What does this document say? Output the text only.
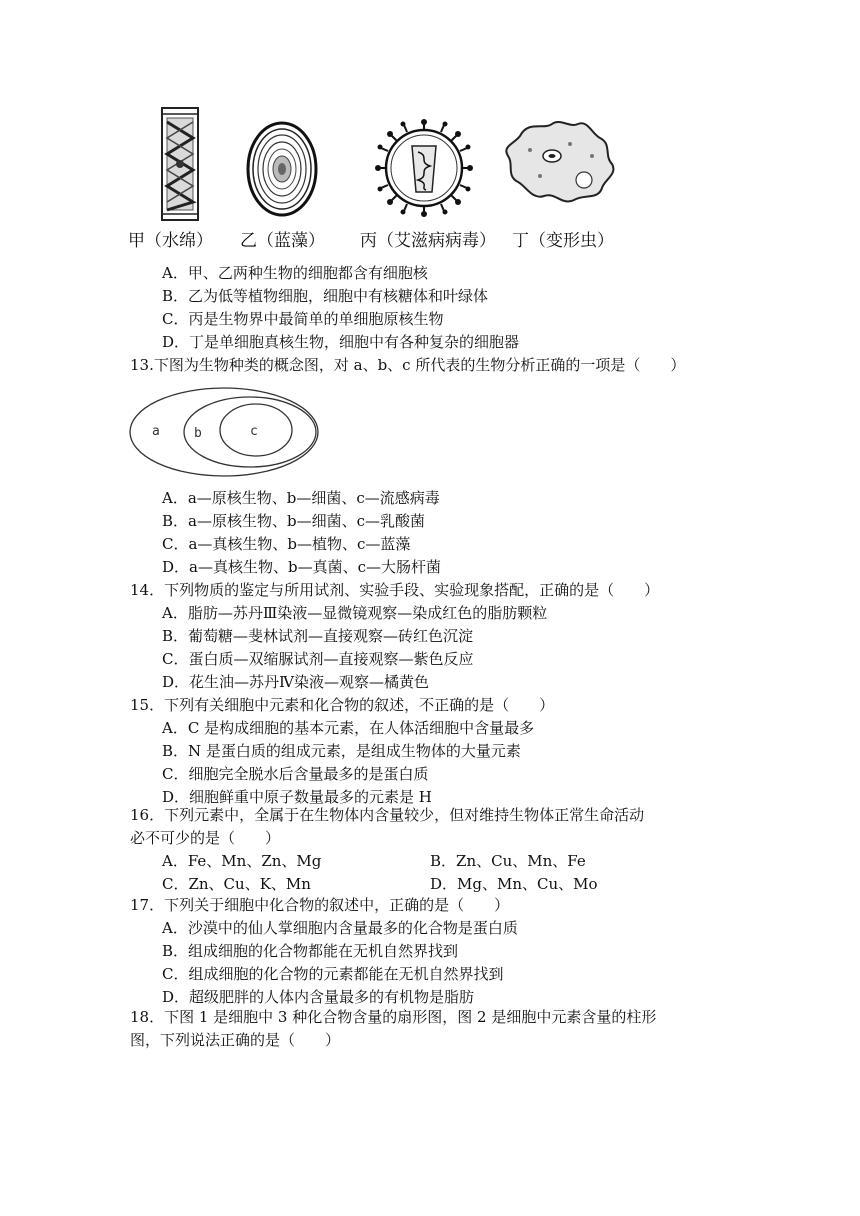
甲（水绵） 乙（蓝藻） 丙（艾滋病病毒） 丁（变形虫）
A．甲、乙两种生物的细胞都含有细胞核
B．乙为低等植物细胞，细胞中有核糖体和叶绿体
C．丙是生物界中最简单的单细胞原核生物
D．丁是单细胞真核生物，细胞中有各种复杂的细胞器
13.下图为生物种类的概念图，对 a、b、c 所代表的生物分析正确的一项是（　　）
a	b	c
A．a—原核生物、b—细菌、c—流感病毒
B．a—原核生物、b—细菌、c—乳酸菌
C．a—真核生物、b—植物、c—蓝藻
D．a—真核生物、b—真菌、c—大肠杆菌
14．下列物质的鉴定与所用试剂、实验手段、实验现象搭配，正确的是（　　）
A．脂肪—苏丹Ⅲ染液—显微镜观察—染成红色的脂肪颗粒
B．葡萄糖—斐林试剂—直接观察—砖红色沉淀
C．蛋白质—双缩脲试剂—直接观察—紫色反应
D．花生油—苏丹Ⅳ染液—观察—橘黄色
15．下列有关细胞中元素和化合物的叙述，不正确的是（　　）
A．C 是构成细胞的基本元素，在人体活细胞中含量最多
B．N 是蛋白质的组成元素，是组成生物体的大量元素
C．细胞完全脱水后含量最多的是蛋白质
D．细胞鲜重中原子数量最多的元素是 H
16．下列元素中，全属于在生物体内含量较少，但对维持生物体正常生命活动
必不可少的是（　　）
A．Fe、Mn、Zn、Mg	B．Zn、Cu、Mn、Fe
C．Zn、Cu、K、Mn	D．Mg、Mn、Cu、Mo
17．下列关于细胞中化合物的叙述中，正确的是（　　）
A．沙漠中的仙人掌细胞内含量最多的化合物是蛋白质
B．组成细胞的化合物都能在无机自然界找到
C．组成细胞的化合物的元素都能在无机自然界找到
D．超级肥胖的人体内含量最多的有机物是脂肪
18．下图 1 是细胞中 3 种化合物含量的扇形图，图 2 是细胞中元素含量的柱形
图，下列说法正确的是（　　）
